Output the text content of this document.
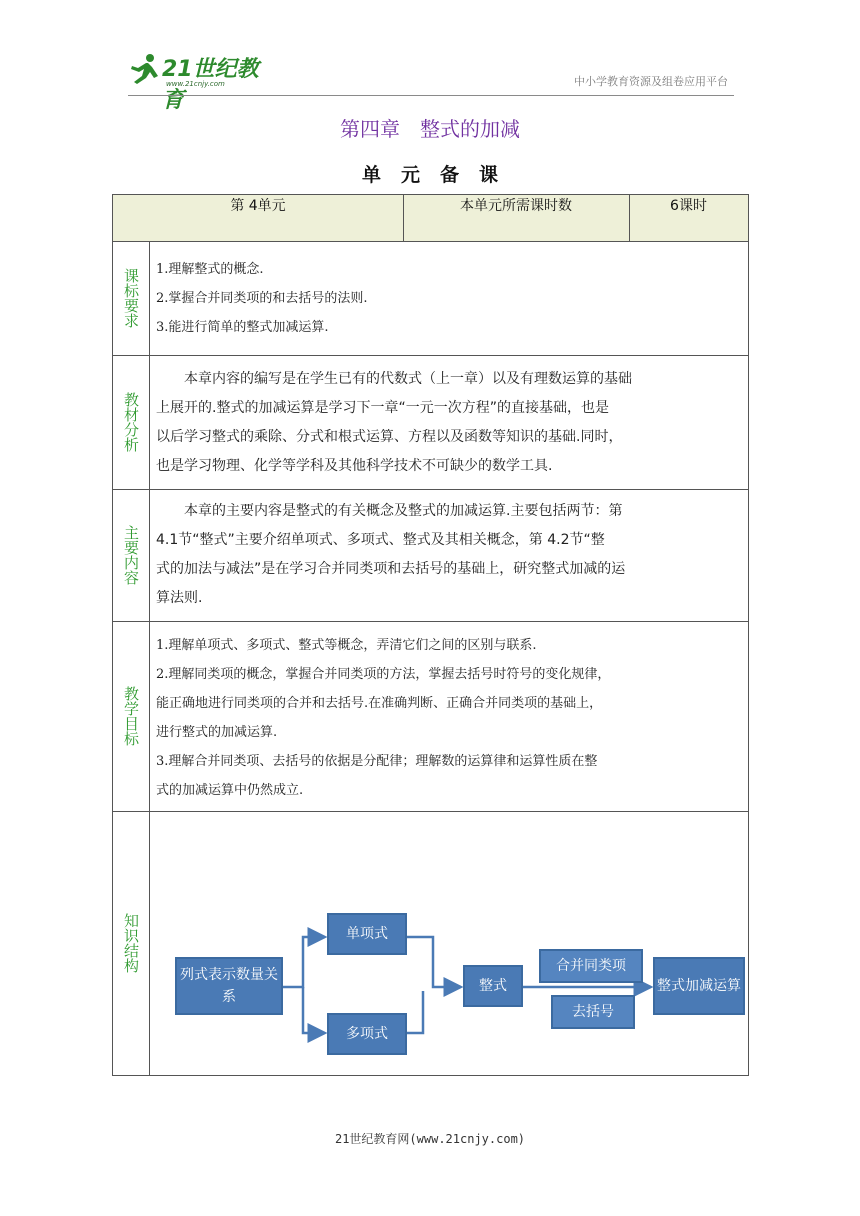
21世纪教育
www.21cnjy.com	中小学教育资源及组卷应用平台
第四章　整式的加减
单元备课
第 4单元	本单元所需课时数	6课时
课标要求 1.理解整式的概念.
2.掌握合并同类项的和去括号的法则.
3.能进行简单的整式加减运算.
教材分析
本章内容的编写是在学生已有的代数式（上一章）以及有理数运算的基础
上展开的.整式的加减运算是学习下一章“一元一次方程”的直接基础，也是
以后学习整式的乘除、分式和根式运算、方程以及函数等知识的基础.同时，
也是学习物理、化学等学科及其他科学技术不可缺少的数学工具.
主要内容
本章的主要内容是整式的有关概念及整式的加减运算.主要包括两节：第
4.1节“整式”主要介绍单项式、多项式、整式及其相关概念，第 4.2节“整
式的加法与减法”是在学习合并同类项和去括号的基础上，研究整式加减的运
算法则.
教学目标
1.理解单项式、多项式、整式等概念，弄清它们之间的区别与联系.
2.理解同类项的概念，掌握合并同类项的方法，掌握去括号时符号的变化规律，
能正确地进行同类项的合并和去括号.在准确判断、正确合并同类项的基础上，
进行整式的加减运算.
3.理解合并同类项、去括号的依据是分配律；理解数的运算律和运算性质在整
式的加减运算中仍然成立.
知识结构
列式表示数量关系
单项式
多项式
整式
合并同类项
去括号
整式加减运算
21世纪教育网(www.21cnjy.com)
